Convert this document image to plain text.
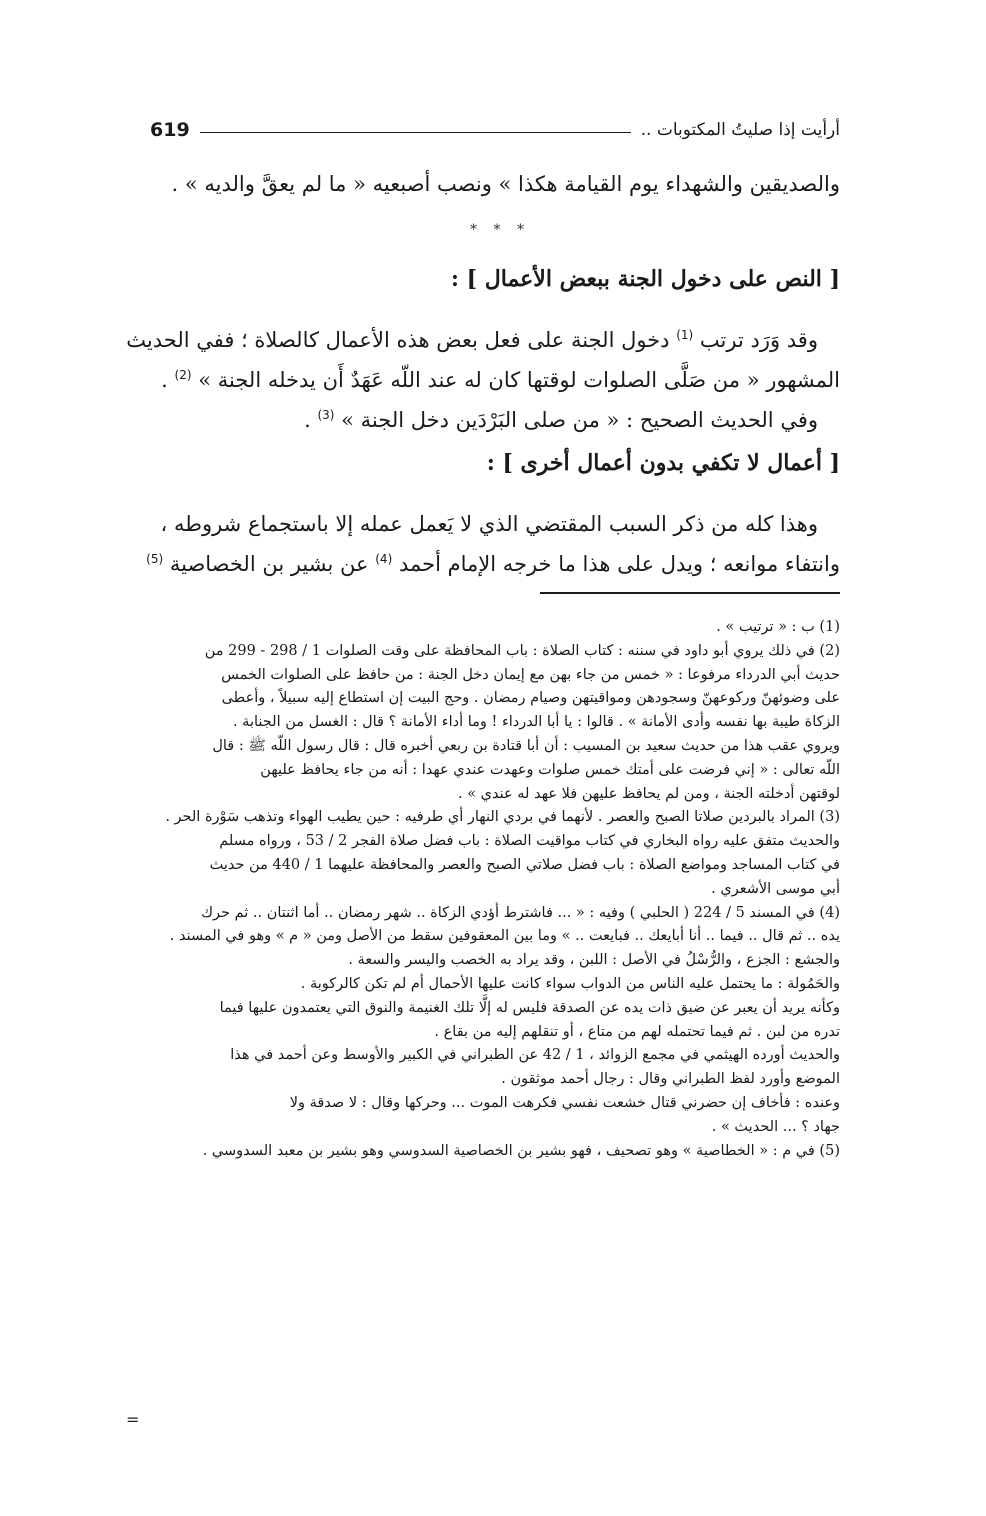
619	أرأيت إذا صليتُ المكتوبات ..
والصديقين والشهداء يوم القيامة هكذا » ونصب أصبعيه « ما لم يعقَّ والديه » .
* * *
[ النص على دخول الجنة ببعض الأعمال ] :
وقد وَرَد ترتب $^{(1)}$ دخول الجنة على فعل بعض هذه الأعمال كالصلاة ؛ ففي الحديث
المشهور « من صَلَّى الصلوات لوقتها كان له عند اللّه عَهَدٌ أَن يدخله الجنة » $^{(2)}$ .
وفي الحديث الصحيح : « من صلى البَرْدَين دخل الجنة » $^{(3)}$ .
[ أعمال لا تكفي بدون أعمال أخرى ] :
وهذا كله من ذكر السبب المقتضي الذي لا يَعمل عمله إلا باستجماع شروطه ،
وانتفاء موانعه ؛ ويدل على هذا ما خرجه الإمام أحمد $^{(4)}$ عن بشير بن الخصاصية $^{(5)}$
(1) ب : « ترتيب » .
(2) في ذلك يروي أبو داود في سننه : كتاب الصلاة : باب المحافظة على وقت الصلوات 1 / 298 - 299 من
حديث أبي الدرداء مرفوعا : « خمس من جاء بهن مع إيمان دخل الجنة : من حافظ على الصلوات الخمس
على وضوئهنّ وركوعهنّ وسجودهن ومواقيتهن وصيام رمضان . وحج البيت إن استطاع إليه سبيلاً ، وأعطى
الزكاة طيبة بها نفسه وأدى الأمانة » . قالوا : يا أبا الدرداء ! وما أداء الأمانة ؟ قال : الغسل من الجنابة .
ويروي عقب هذا من حديث سعيد بن المسيب : أن أبا قتادة بن ربعي أخبره قال : قال رسول اللّه ﷺ : قال
اللّه تعالى : « إني فرضت على أمتك خمس صلوات وعهدت عندي عهدا : أنه من جاء يحافظ عليهن
لوقتهن أدخلته الجنة ، ومن لم يحافظ عليهن فلا عهد له عندي » .
(3) المراد بالبردين صلاتا الصبح والعصر . لأنهما في بردي النهار أي طرفيه : حين يطيب الهواء وتذهب سَوْرة الحر .
والحديث متفق عليه رواه البخاري في كتاب مواقيت الصلاة : باب فضل صلاة الفجر 2 / 53 ، ورواه مسلم
في كتاب المساجد ومواضع الصلاة : باب فضل صلاتي الصبح والعصر والمحافظة عليهما 1 / 440 من حديث
أبي موسى الأشعري .
(4) في المسند 5 / 224 ( الحلبي ) وفيه : « ... فاشترط أؤدي الزكاة .. شهر رمضان .. أما اثنتان .. ثم حرك
يده .. ثم قال .. فيما .. أنا أبايعك .. فبايعت .. » وما بين المعقوفين سقط من الأصل ومن « م » وهو في المسند .
والجشع : الجزع ، والرُّسْلُ في الأصل : اللبن ، وقد يراد به الخصب واليسر والسعة .
والحَمُولة : ما يحتمل عليه الناس من الدواب سواء كانت عليها الأحمال أم لم تكن كالركوبة .
وكأنه يريد أن يعبر عن ضيق ذات يده عن الصدقة فليس له إلَّا تلك الغنيمة والنوق التي يعتمدون عليها فيما
تدره من لبن . ثم فيما تحتمله لهم من متاع ، أو تنقلهم إليه من بقاع .
والحديث أورده الهيثمي في مجمع الزوائد ، 1 / 42 عن الطبراني في الكبير والأوسط وعن أحمد في هذا
الموضع وأورد لفظ الطبراني وقال : رجال أحمد موثقون .
وعنده : فأخاف إن حضرني قتال خشعت نفسي فكرهت الموت ... وحركها وقال : لا صدقة ولا
جهاد ؟ ... الحديث » .
(5) في م : « الخطاصية » وهو تصحيف ، فهو بشير بن الخصاصية السدوسي وهو بشير بن معبد السدوسي .
=
